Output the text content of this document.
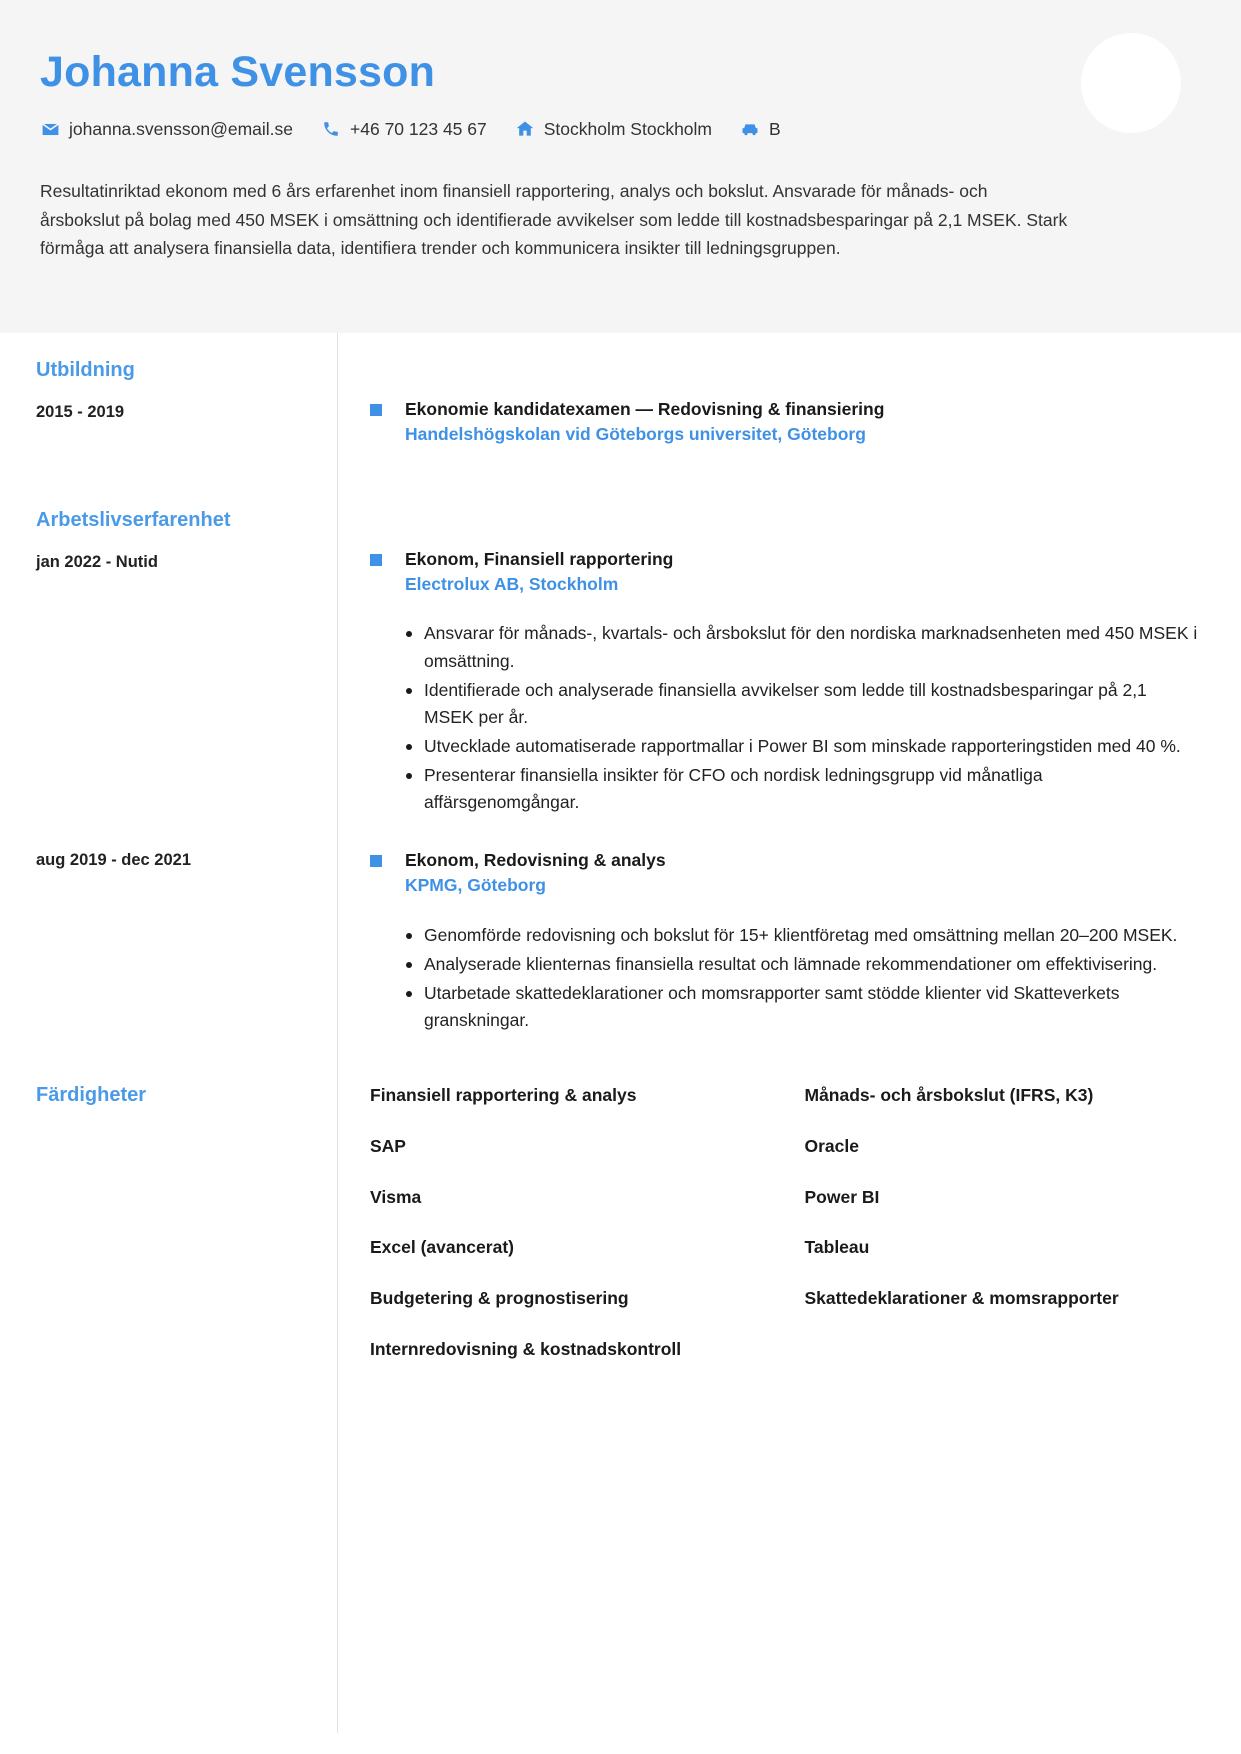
Johanna Svensson
johanna.svensson@email.se	+46 70 123 45 67	Stockholm Stockholm	B
Resultatinriktad ekonom med 6 års erfarenhet inom finansiell rapportering, analys och bokslut. Ansvarade för månads- och årsbokslut på bolag med 450 MSEK i omsättning och identifierade avvikelser som ledde till kostnadsbesparingar på 2,1 MSEK. Stark förmåga att analysera finansiella data, identifiera trender och kommunicera insikter till ledningsgruppen.
Utbildning
2015 - 2019	Ekonomie kandidatexamen — Redovisning & finansiering
Handelshögskolan vid Göteborgs universitet, Göteborg
Arbetslivserfarenhet
jan 2022 - Nutid	Ekonom, Finansiell rapportering
Electrolux AB, Stockholm
Ansvarar för månads-, kvartals- och årsbokslut för den nordiska marknadsenheten med 450 MSEK i omsättning.
Identifierade och analyserade finansiella avvikelser som ledde till kostnadsbesparingar på 2,1 MSEK per år.
Utvecklade automatiserade rapportmallar i Power BI som minskade rapporteringstiden med 40 %.
Presenterar finansiella insikter för CFO och nordisk ledningsgrupp vid månatliga affärsgenomgångar.
aug 2019 - dec 2021	Ekonom, Redovisning & analys
KPMG, Göteborg
Genomförde redovisning och bokslut för 15+ klientföretag med omsättning mellan 20–200 MSEK.
Analyserade klienternas finansiella resultat och lämnade rekommendationer om effektivisering.
Utarbetade skattedeklarationer och momsrapporter samt stödde klienter vid Skatteverkets granskningar.
Färdigheter	Finansiell rapportering & analys	Månads- och årsbokslut (IFRS, K3)
SAP	Oracle
Visma	Power BI
Excel (avancerat)	Tableau
Budgetering & prognostisering	Skattedeklarationer & momsrapporter
Internredovisning & kostnadskontroll
